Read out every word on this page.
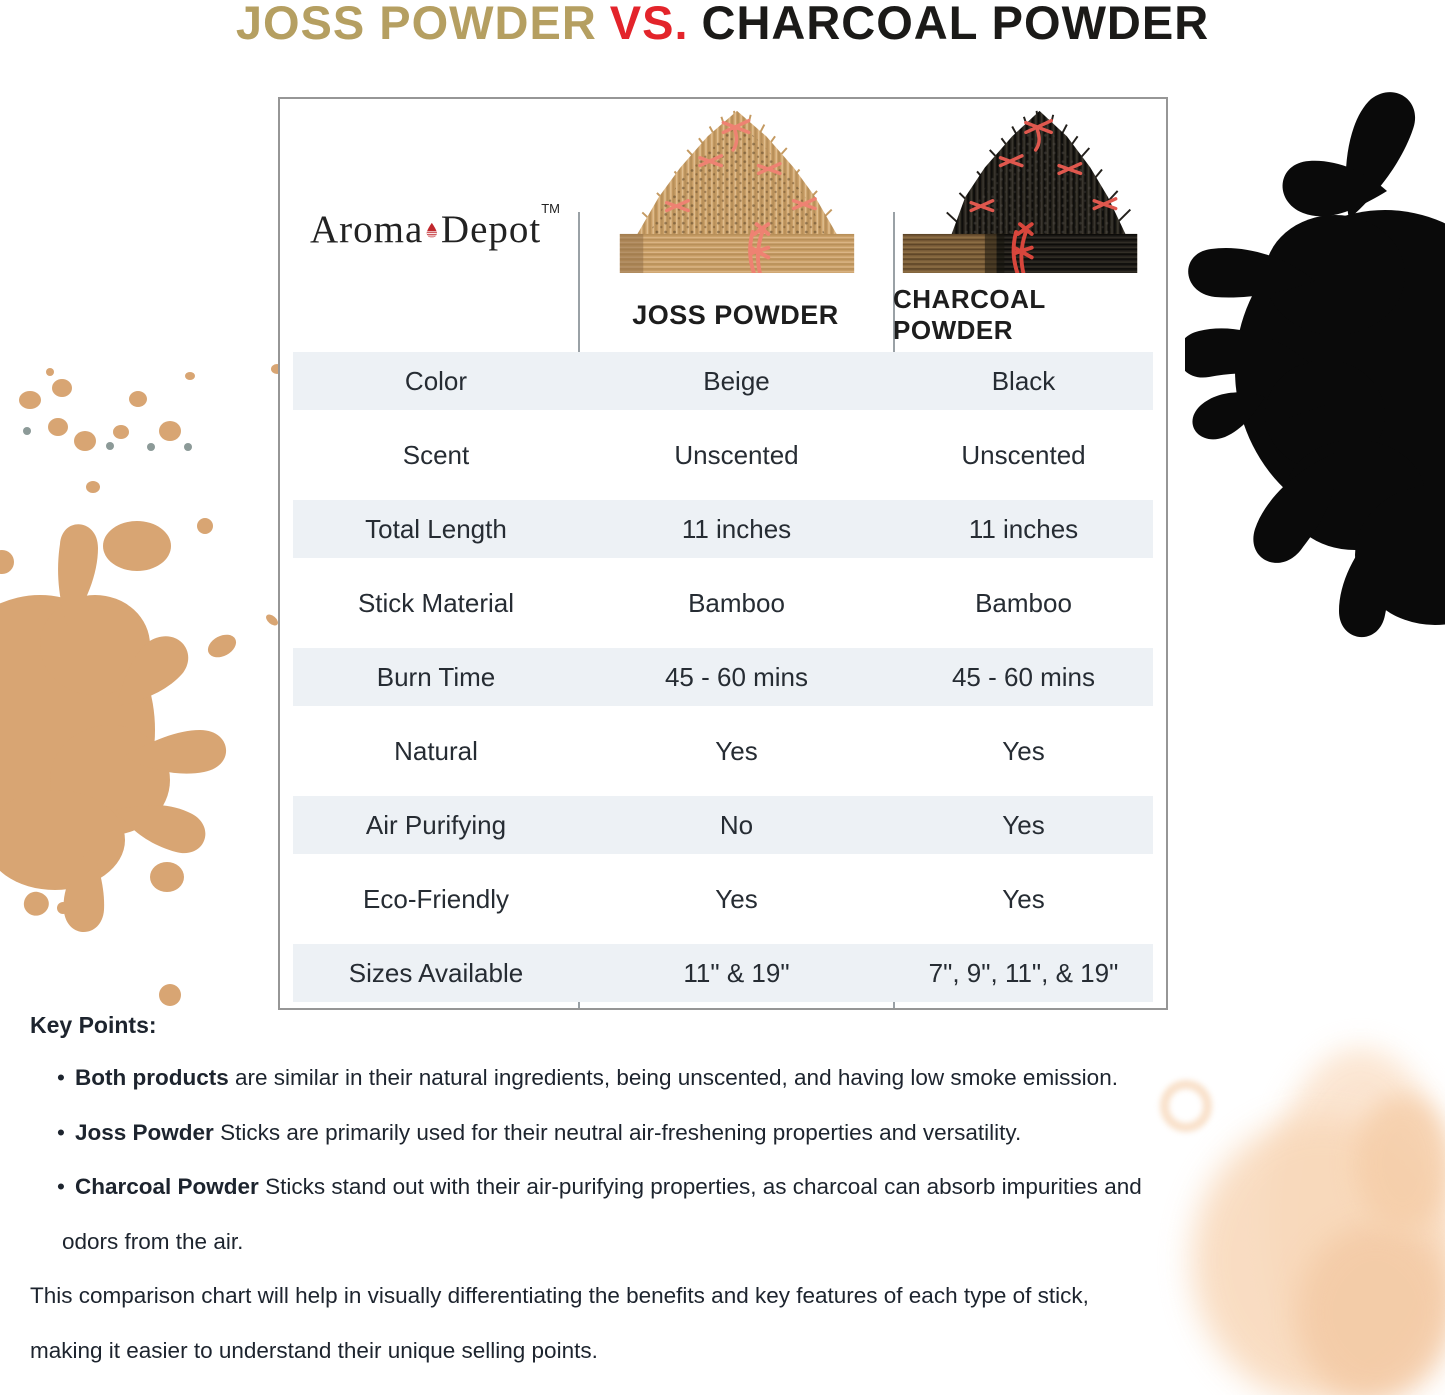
JOSS POWDER VS. CHARCOAL POWDER
Aroma Depot TM
JOSS POWDER
CHARCOAL POWDER
Color	Beige	Black
Scent	Unscented	Unscented
Total Length	11 inches	11 inches
Stick Material	Bamboo	Bamboo
Burn Time	45 - 60 mins	45 - 60 mins
Natural	Yes	Yes
Air Purifying	No	Yes
Eco-Friendly	Yes	Yes
Sizes Available	11" & 19"	7", 9", 11", & 19"
Key Points:
• Both products are similar in their natural ingredients, being unscented, and having low smoke emission.
• Joss Powder Sticks are primarily used for their neutral air-freshening properties and versatility.
• Charcoal Powder Sticks stand out with their air-purifying properties, as charcoal can absorb impurities and
odors from the air.

This comparison chart will help in visually differentiating the benefits and key features of each type of stick,
making it easier to understand their unique selling points.
